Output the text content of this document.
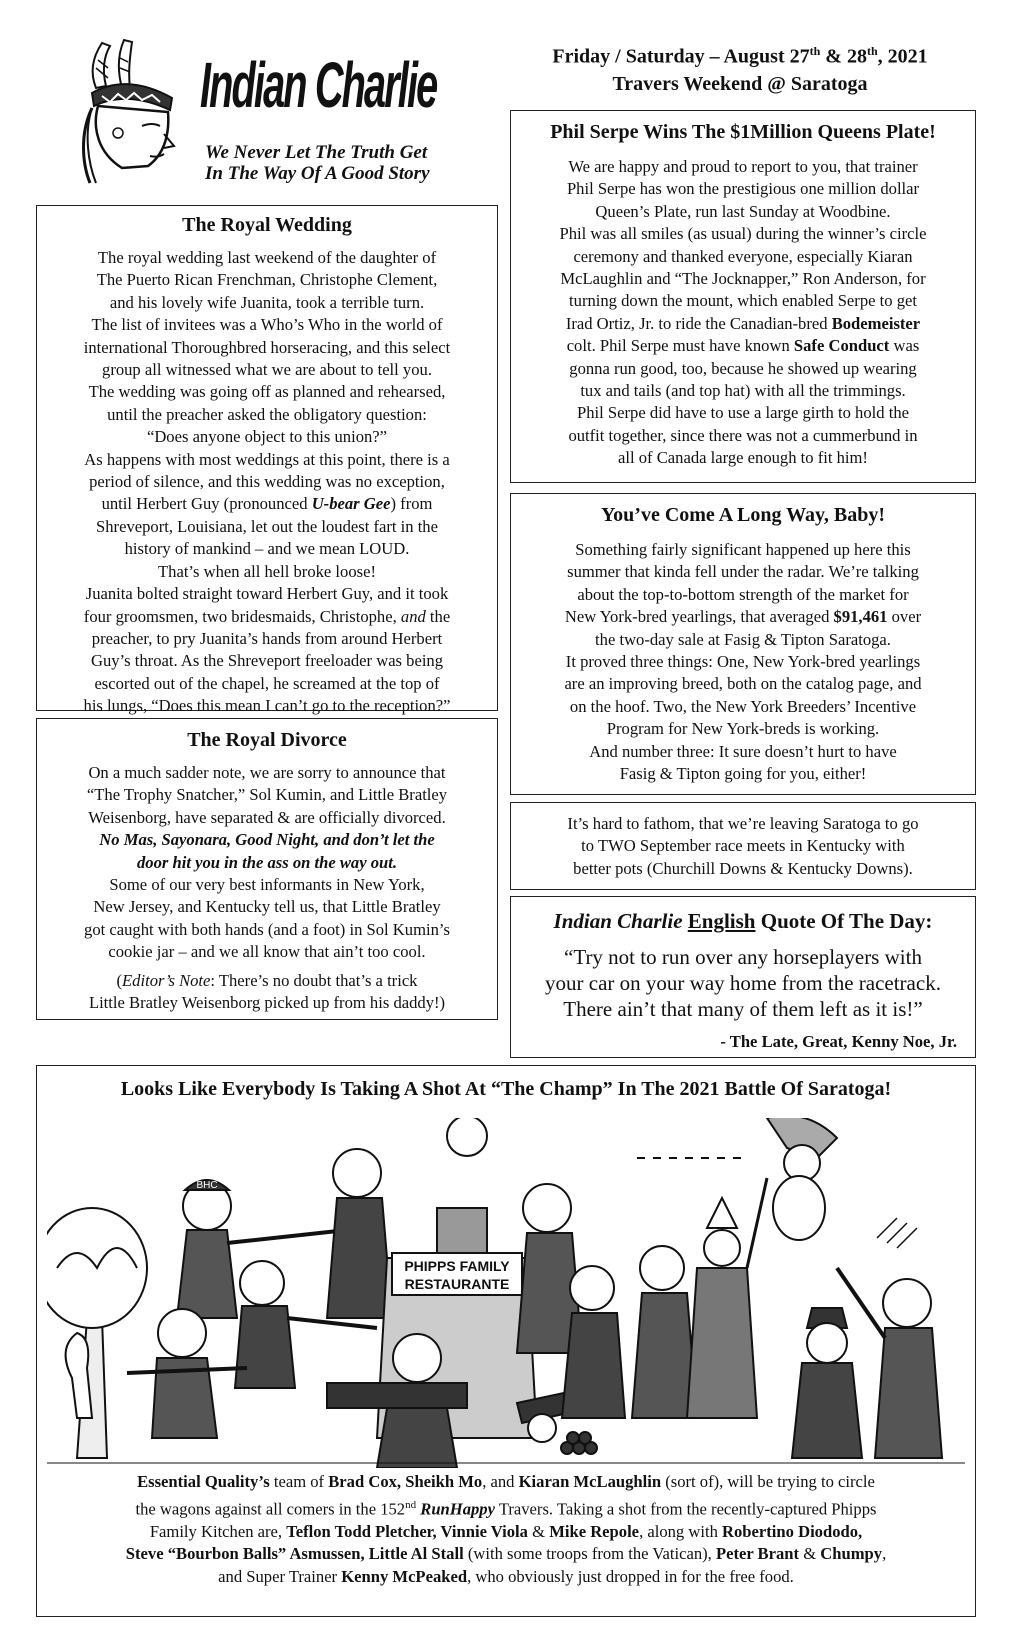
Indian Charlie
We Never Let The Truth Get
In The Way Of A Good Story
Friday / Saturday – August 27th & 28th, 2021
Travers Weekend @ Saratoga
The Royal Wedding

The royal wedding last weekend of the daughter of

The Puerto Rican Frenchman, Christophe Clement,

and his lovely wife Juanita, took a terrible turn.

The list of invitees was a Who’s Who in the world of

international Thoroughbred horseracing, and this select

group all witnessed what we are about to tell you.

The wedding was going off as planned and rehearsed,

until the preacher asked the obligatory question:

“Does anyone object to this union?”

As happens with most weddings at this point, there is a

period of silence, and this wedding was no exception,

until Herbert Guy (pronounced U-bear Gee) from

Shreveport, Louisiana, let out the loudest fart in the

history of mankind – and we mean LOUD.

That’s when all hell broke loose!

Juanita bolted straight toward Herbert Guy, and it took

four groomsmen, two bridesmaids, Christophe, and the

preacher, to pry Juanita’s hands from around Herbert

Guy’s throat. As the Shreveport freeloader was being

escorted out of the chapel, he screamed at the top of

his lungs, “Does this mean I can’t go to the reception?”

The Royal Divorce

On a much sadder note, we are sorry to announce that

“The Trophy Snatcher,” Sol Kumin, and Little Bratley

Weisenborg, have separated & are officially divorced.

No Mas, Sayonara, Good Night, and don’t let the

door hit you in the ass on the way out.

Some of our very best informants in New York,

New Jersey, and Kentucky tell us, that Little Bratley

got caught with both hands (and a foot) in Sol Kumin’s

cookie jar – and we all know that ain’t too cool.

(Editor’s Note: There’s no doubt that’s a trick

Little Bratley Weisenborg picked up from his daddy!)

Phil Serpe Wins The $1Million Queens Plate!

We are happy and proud to report to you, that trainer

Phil Serpe has won the prestigious one million dollar

Queen’s Plate, run last Sunday at Woodbine.

Phil was all smiles (as usual) during the winner’s circle

ceremony and thanked everyone, especially Kiaran

McLaughlin and “The Jocknapper,” Ron Anderson, for

turning down the mount, which enabled Serpe to get

Irad Ortiz, Jr. to ride the Canadian-bred Bodemeister

colt. Phil Serpe must have known Safe Conduct was

gonna run good, too, because he showed up wearing

tux and tails (and top hat) with all the trimmings.

Phil Serpe did have to use a large girth to hold the

outfit together, since there was not a cummerbund in

all of Canada large enough to fit him!

You’ve Come A Long Way, Baby!

Something fairly significant happened up here this

summer that kinda fell under the radar. We’re talking

about the top-to-bottom strength of the market for

New York-bred yearlings, that averaged $91,461 over

the two-day sale at Fasig & Tipton Saratoga.

It proved three things: One, New York-bred yearlings

are an improving breed, both on the catalog page, and

on the hoof. Two, the New York Breeders’ Incentive

Program for New York-breds is working.

And number three: It sure doesn’t hurt to have

Fasig & Tipton going for you, either!

It’s hard to fathom, that we’re leaving Saratoga to go

to TWO September race meets in Kentucky with

better pots (Churchill Downs & Kentucky Downs).

Indian Charlie English Quote Of The Day:
“Try not to run over any horseplayers with
your car on your way home from the racetrack.
There ain’t that many of them left as it is!”
- The Late, Great, Kenny Noe, Jr.
Looks Like Everybody Is Taking A Shot At “The Champ” In The 2021 Battle Of Saratoga!
BHC
PHIPPS FAMILY
RESTAURANTE
Essential Quality’s team of Brad Cox, Sheikh Mo, and Kiaran McLaughlin (sort of), will be trying to circle
the wagons against all comers in the 152nd RunHappy Travers. Taking a shot from the recently-captured Phipps
Family Kitchen are, Teflon Todd Pletcher, Vinnie Viola & Mike Repole, along with Robertino Diododo,
Steve “Bourbon Balls” Asmussen, Little Al Stall (with some troops from the Vatican), Peter Brant & Chumpy,
and Super Trainer Kenny McPeaked, who obviously just dropped in for the free food.
